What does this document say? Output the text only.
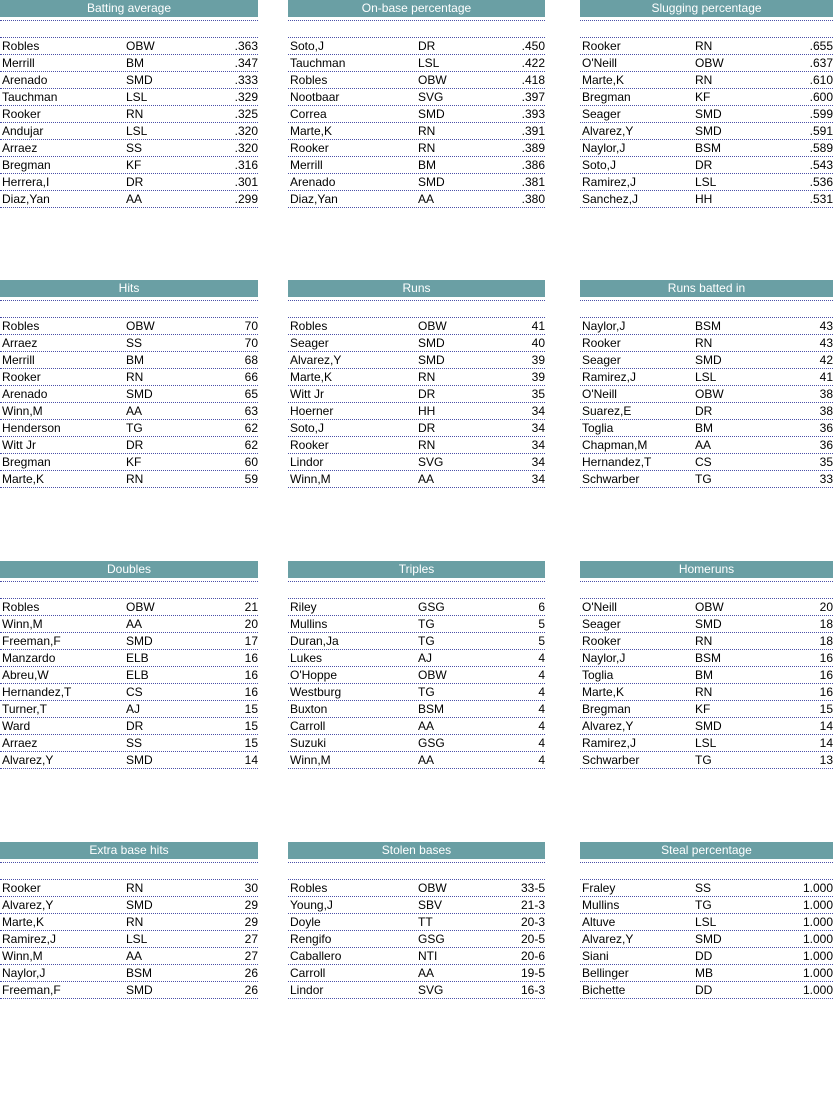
Batting average
Robles	OBW	.363
Merrill	BM	.347
Arenado	SMD	.333
Tauchman	LSL	.329
Rooker	RN	.325
Andujar	LSL	.320
Arraez	SS	.320
Bregman	KF	.316
Herrera,I	DR	.301
Diaz,Yan	AA	.299
On-base percentage
Soto,J	DR	.450
Tauchman	LSL	.422
Robles	OBW	.418
Nootbaar	SVG	.397
Correa	SMD	.393
Marte,K	RN	.391
Rooker	RN	.389
Merrill	BM	.386
Arenado	SMD	.381
Diaz,Yan	AA	.380
Slugging percentage
Rooker	RN	.655
O'Neill	OBW	.637
Marte,K	RN	.610
Bregman	KF	.600
Seager	SMD	.599
Alvarez,Y	SMD	.591
Naylor,J	BSM	.589
Soto,J	DR	.543
Ramirez,J	LSL	.536
Sanchez,J	HH	.531
Hits
Robles	OBW	70
Arraez	SS	70
Merrill	BM	68
Rooker	RN	66
Arenado	SMD	65
Winn,M	AA	63
Henderson	TG	62
Witt Jr	DR	62
Bregman	KF	60
Marte,K	RN	59
Runs
Robles	OBW	41
Seager	SMD	40
Alvarez,Y	SMD	39
Marte,K	RN	39
Witt Jr	DR	35
Hoerner	HH	34
Soto,J	DR	34
Rooker	RN	34
Lindor	SVG	34
Winn,M	AA	34
Runs batted in
Naylor,J	BSM	43
Rooker	RN	43
Seager	SMD	42
Ramirez,J	LSL	41
O'Neill	OBW	38
Suarez,E	DR	38
Toglia	BM	36
Chapman,M	AA	36
Hernandez,T	CS	35
Schwarber	TG	33
Doubles
Robles	OBW	21
Winn,M	AA	20
Freeman,F	SMD	17
Manzardo	ELB	16
Abreu,W	ELB	16
Hernandez,T	CS	16
Turner,T	AJ	15
Ward	DR	15
Arraez	SS	15
Alvarez,Y	SMD	14
Triples
Riley	GSG	6
Mullins	TG	5
Duran,Ja	TG	5
Lukes	AJ	4
O'Hoppe	OBW	4
Westburg	TG	4
Buxton	BSM	4
Carroll	AA	4
Suzuki	GSG	4
Winn,M	AA	4
Homeruns
O'Neill	OBW	20
Seager	SMD	18
Rooker	RN	18
Naylor,J	BSM	16
Toglia	BM	16
Marte,K	RN	16
Bregman	KF	15
Alvarez,Y	SMD	14
Ramirez,J	LSL	14
Schwarber	TG	13
Extra base hits
Rooker	RN	30
Alvarez,Y	SMD	29
Marte,K	RN	29
Ramirez,J	LSL	27
Winn,M	AA	27
Naylor,J	BSM	26
Freeman,F	SMD	26
Stolen bases
Robles	OBW	33-5
Young,J	SBV	21-3
Doyle	TT	20-3
Rengifo	GSG	20-5
Caballero	NTI	20-6
Carroll	AA	19-5
Lindor	SVG	16-3
Steal percentage
Fraley	SS	1.000
Mullins	TG	1.000
Altuve	LSL	1.000
Alvarez,Y	SMD	1.000
Siani	DD	1.000
Bellinger	MB	1.000
Bichette	DD	1.000
